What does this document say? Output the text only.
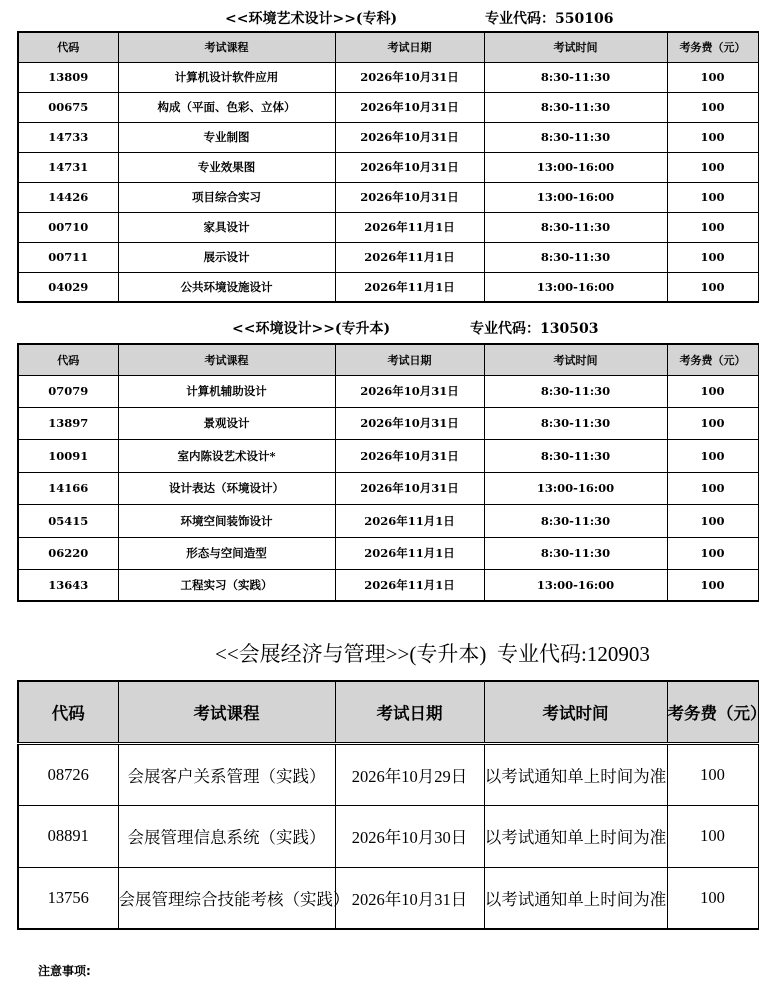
<<环境艺术设计>>(专科)	专业代码：550106
代码	考试课程	考试日期	考试时间	考务费（元）
13809	计算机设计软件应用	2026年10月31日	8:30-11:30	100
00675	构成（平面、色彩、立体）	2026年10月31日	8:30-11:30	100
14733	专业制图	2026年10月31日	8:30-11:30	100
14731	专业效果图	2026年10月31日	13:00-16:00	100
14426	项目综合实习	2026年10月31日	13:00-16:00	100
00710	家具设计	2026年11月1日	8:30-11:30	100
00711	展示设计	2026年11月1日	8:30-11:30	100
04029	公共环境设施设计	2026年11月1日	13:00-16:00	100
<<环境设计>>(专升本)	专业代码：130503
代码	考试课程	考试日期	考试时间	考务费（元）
07079	计算机辅助设计	2026年10月31日	8:30-11:30	100
13897	景观设计	2026年10月31日	8:30-11:30	100
10091	室内陈设艺术设计*	2026年10月31日	8:30-11:30	100
14166	设计表达（环境设计）	2026年10月31日	13:00-16:00	100
05415	环境空间装饰设计	2026年11月1日	8:30-11:30	100
06220	形态与空间造型	2026年11月1日	8:30-11:30	100
13643	工程实习（实践）	2026年11月1日	13:00-16:00	100
<<会展经济与管理>>(专升本) 专业代码:120903
代码	考试课程	考试日期	考试时间	考务费（元）
08726	会展客户关系管理（实践）	2026年10月29日	以考试通知单上时间为准	100
08891	会展管理信息系统（实践）	2026年10月30日	以考试通知单上时间为准	100
13756	会展管理综合技能考核（实践）	2026年10月31日	以考试通知单上时间为准	100
注意事项:
